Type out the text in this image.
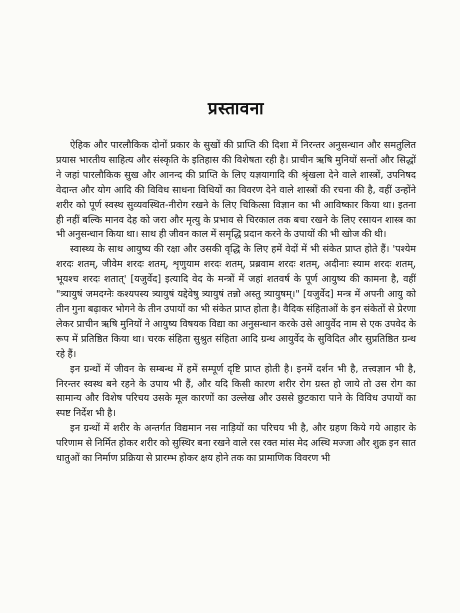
प्रस्तावना

ऐहिक और पारलौकिक दोनों प्रकार के सुखों की प्राप्ति की दिशा में निरन्तर अनुसन्धान और समतुलित प्रयास भारतीय साहित्य और संस्कृति के इतिहास की विशेषता रही है। प्राचीन ऋषि मुनियों सन्तों और सिद्धों ने जहां पारलौकिक सुख और आनन्द की प्राप्ति के लिए यज्ञयागादि की श्रृंखला देने वाले शास्त्रों, उपनिषद वेदान्त और योग आदि की विविध साधना विधियों का विवरण देने वाले शास्त्रों की रचना की है, वहीं उन्होंने शरीर को पूर्ण स्वस्थ सुव्यवस्थित-नीरोग रखने के लिए चिकित्सा विज्ञान का भी आविष्कार किया था। इतना ही नहीं बल्कि मानव देह को जरा और मृत्यु के प्रभाव से चिरकाल तक बचा रखने के लिए रसायन शास्त्र का भी अनुसन्धान किया था। साथ ही जीवन काल में समृद्धि प्रदान करने के उपायों की भी खोज की थी।

स्वास्थ्य के साथ आयुष्य की रक्षा और उसकी वृद्धि के लिए हमें वेदों में भी संकेत प्राप्त होते हैं। 'पश्येम शरदः शतम्, जीवेम शरदः शतम्, शृणुयाम शरदः शतम्, प्रब्रवाम शरदः शतम्, अदीनाः स्याम शरदः शतम्, भूयश्च शरदः शतात्' [यजुर्वेद] इत्यादि वेद के मन्त्रों में जहां शतवर्ष के पूर्ण आयुष्य की कामना है, वहीं "त्र्यायुषं जमदग्नेः कश्यपस्य त्र्यायुषं यद्देवेषु त्र्यायुषं तन्नो अस्तु त्र्यायुषम्।" [यजुर्वेद] मन्त्र में अपनी आयु को तीन गुना बढ़ाकर भोगने के तीन उपायों का भी संकेत प्राप्त होता है। वैदिक संहिताओं के इन संकेतों से प्रेरणा लेकर प्राचीन ऋषि मुनियों ने आयुष्य विषयक विद्या का अनुसन्धान करके उसे आयुर्वेद नाम से एक उपवेद के रूप में प्रतिष्ठित किया था। चरक संहिता सुश्रुत संहिता आदि ग्रन्थ आयुर्वेद के सुविदित और सुप्रतिष्ठित ग्रन्थ रहे हैं।

इन ग्रन्थों में जीवन के सम्बन्ध में हमें सम्पूर्ण दृष्टि प्राप्त होती है। इनमें दर्शन भी है, तत्त्वज्ञान भी है, निरन्तर स्वस्थ बने रहने के उपाय भी हैं, और यदि किसी कारण शरीर रोग ग्रस्त हो जाये तो उस रोग का सामान्य और विशेष परिचय उसके मूल कारणों का उल्लेख और उससे छुटकारा पाने के विविध उपायों का स्पष्ट निर्देश भी है।

इन ग्रन्थों में शरीर के अन्तर्गत विद्यमान नस नाड़ियों का परिचय भी है, और ग्रहण किये गये आहार के परिणाम से निर्मित होकर शरीर को सुस्थिर बना रखने वाले रस रक्त मांस मेद अस्थि मज्जा और शुक्र इन सात धातुओं का निर्माण प्रक्रिया से प्रारम्भ होकर क्षय होने तक का प्रामाणिक विवरण भी
